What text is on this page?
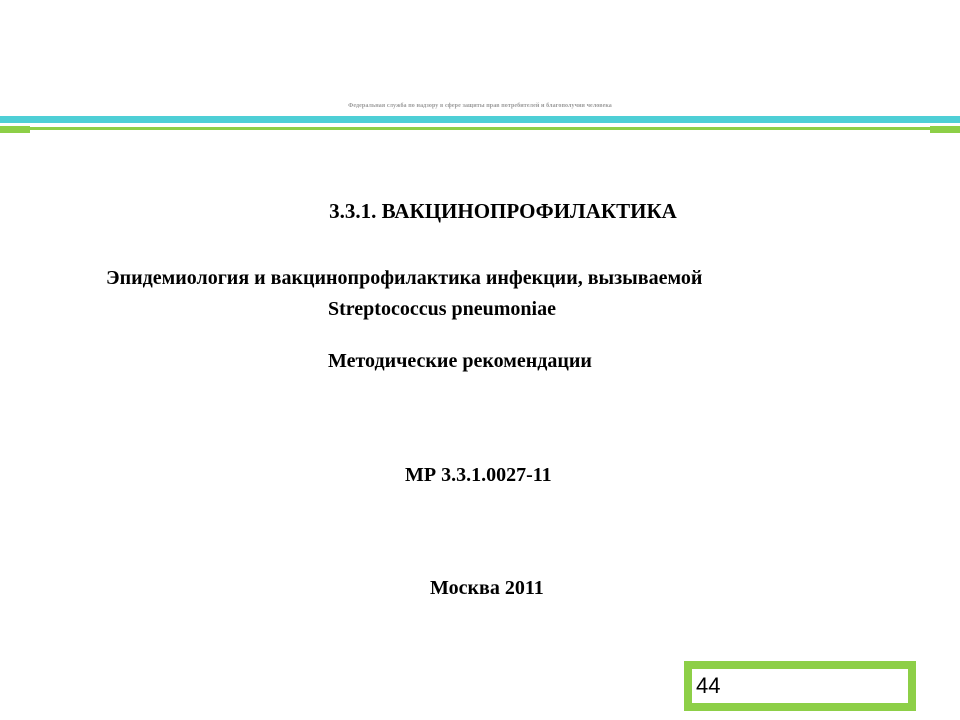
Федеральная служба по надзору в сфере защиты прав потребителей и благополучия человека
3.3.1. ВАКЦИНОПРОФИЛАКТИКА
Эпидемиология и вакцинопрофилактика инфекции, вызываемой
Streptococcus pneumoniae
Методические рекомендации
МР 3.3.1.0027-11
Москва 2011
44
